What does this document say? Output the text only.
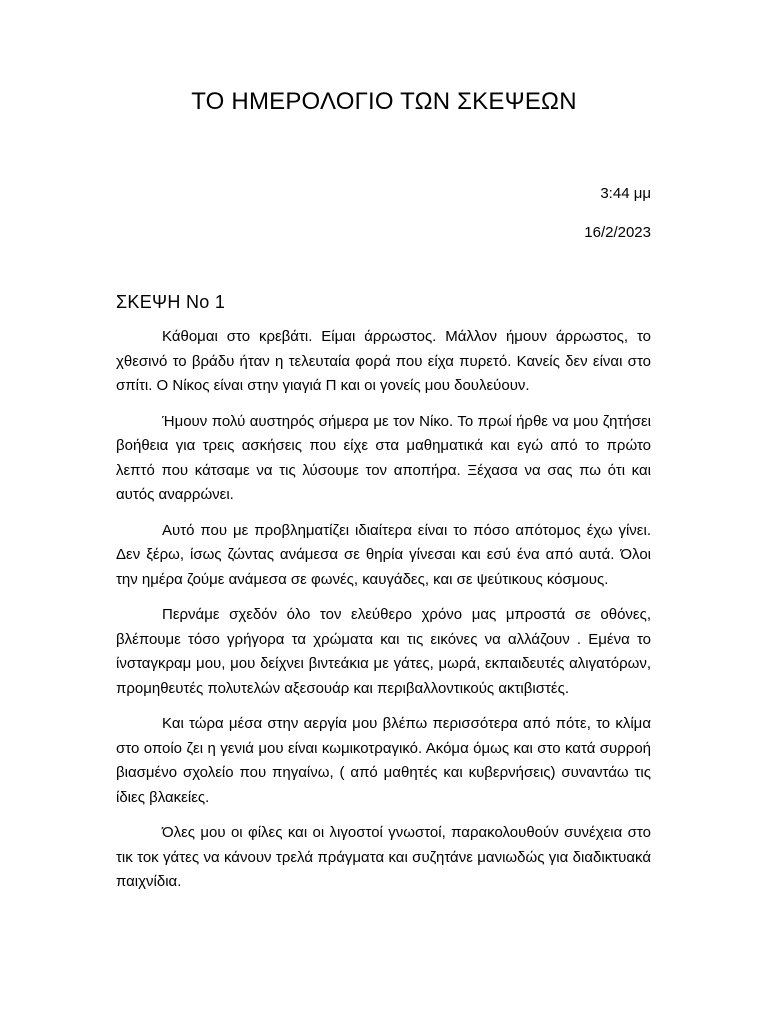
ΤΟ ΗΜΕΡΟΛΟΓΙΟ ΤΩΝ ΣΚΕΨΕΩΝ
3:44 μμ
16/2/2023
ΣΚΕΨΗ Νο 1

Κάθομαι στο κρεβάτι. Είμαι άρρωστος. Μάλλον ήμουν άρρωστος, το χθεσινό το βράδυ ήταν η τελευταία φορά που είχα πυρετό. Κανείς δεν είναι στο σπίτι. Ο Νίκος είναι στην γιαγιά Π και οι γονείς μου δουλεύουν.

Ήμουν πολύ αυστηρός σήμερα με τον Νίκο. Το πρωί ήρθε να μου ζητήσει βοήθεια για τρεις ασκήσεις που είχε στα μαθηματικά και εγώ από το πρώτο λεπτό που κάτσαμε να τις λύσουμε τον αποπήρα. Ξέχασα να σας πω ότι και αυτός αναρρώνει.

Αυτό που με προβληματίζει ιδιαίτερα είναι το πόσο απότομος έχω γίνει. Δεν ξέρω, ίσως ζώντας ανάμεσα σε θηρία γίνεσαι και εσύ ένα από αυτά. Όλοι την ημέρα ζούμε ανάμεσα σε φωνές, καυγάδες, και σε ψεύτικους κόσμους.

Περνάμε σχεδόν όλο τον ελεύθερο χρόνο μας μπροστά σε οθόνες, βλέπουμε τόσο γρήγορα τα χρώματα και τις εικόνες να αλλάζουν . Εμένα το ίνσταγκραμ μου, μου δείχνει βιντεάκια με γάτες, μωρά, εκπαιδευτές αλιγατόρων, προμηθευτές πολυτελών αξεσουάρ και περιβαλλοντικούς ακτιβιστές.

Και τώρα μέσα στην αεργία μου βλέπω περισσότερα από πότε, το κλίμα στο οποίο ζει η γενιά μου είναι κωμικοτραγικό. Ακόμα όμως και στο κατά συρροή βιασμένο σχολείο που πηγαίνω, ( από μαθητές και κυβερνήσεις) συναντάω τις ίδιες βλακείες.

Όλες μου οι φίλες και οι λιγοστοί γνωστοί, παρακολουθούν συνέχεια στο τικ τοκ γάτες να κάνουν τρελά πράγματα και συζητάνε μανιωδώς για διαδικτυακά παιχνίδια.
